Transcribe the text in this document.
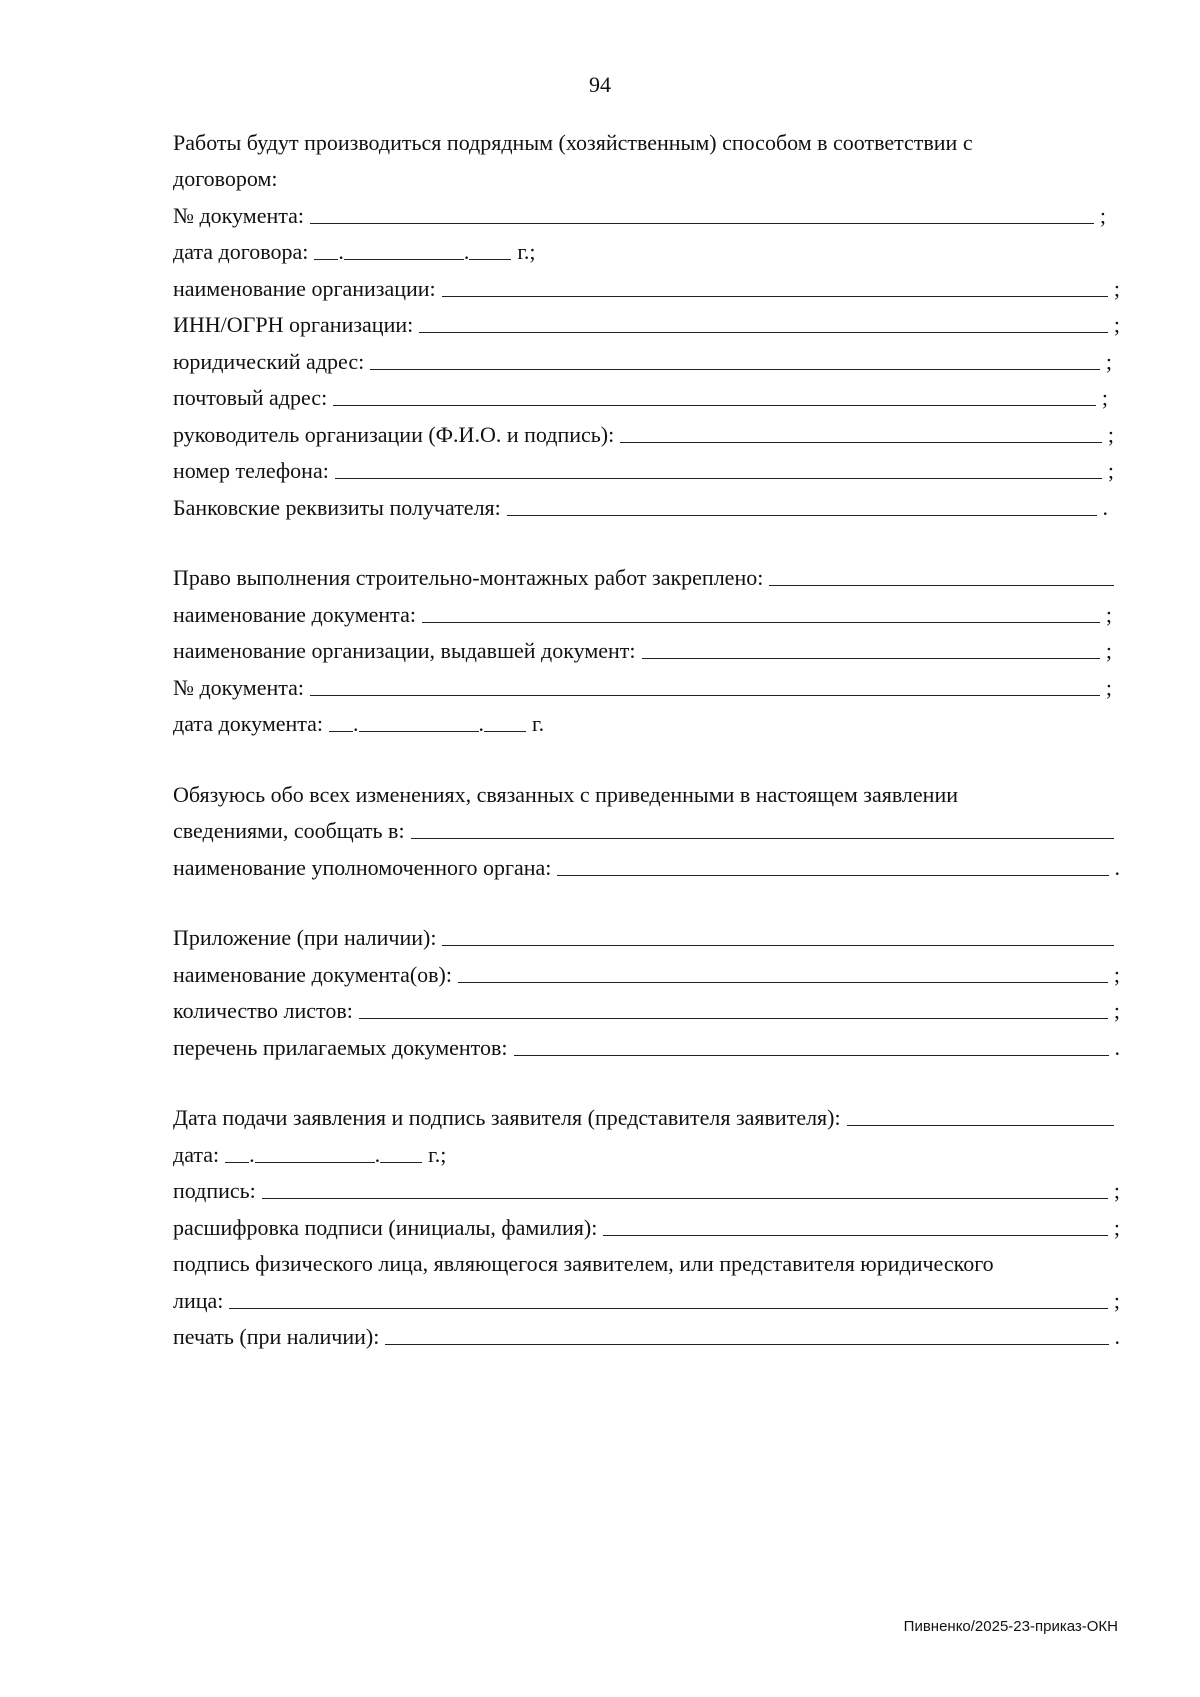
94
Работы будут производиться подрядным (хозяйственным) способом в соответствии с
договором:
№ документа:	;
дата договора: .	. г.;
наименование организации:	;
ИНН/ОГРН организации:	;
юридический адрес:	;
почтовый адрес:	;
руководитель организации (Ф.И.О. и подпись):	;
номер телефона:	;
Банковские реквизиты получателя:	.
Право выполнения строительно-монтажных работ закреплено:
наименование документа:	;
наименование организации, выдавшей документ:	;
№ документа:	;
дата документа: .	. г.
Обязуюсь обо всех изменениях, связанных с приведенными в настоящем заявлении
сведениями, сообщать в:
наименование уполномоченного органа:	.
Приложение (при наличии):
наименование документа(ов):	;
количество листов:	;
перечень прилагаемых документов:	.
Дата подачи заявления и подпись заявителя (представителя заявителя):
дата: .	. г.;
подпись:	;
расшифровка подписи (инициалы, фамилия):	;
подпись физического лица, являющегося заявителем, или представителя юридического
лица:	;
печать (при наличии):	.
Пивненко/2025-23-приказ-ОКН
